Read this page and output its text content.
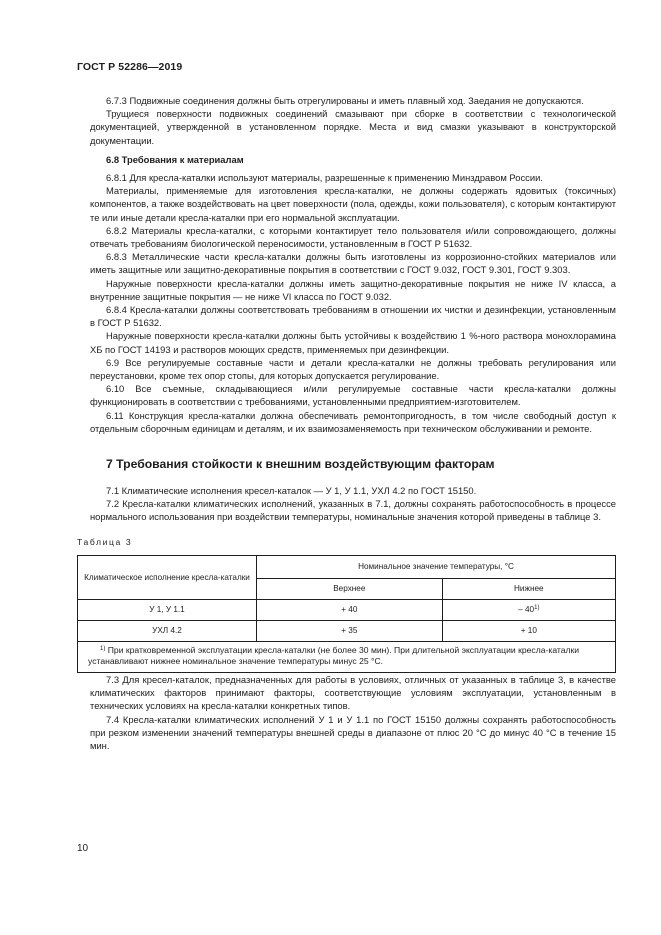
ГОСТ Р 52286—2019

6.7.3 Подвижные соединения должны быть отрегулированы и иметь плавный ход. Заедания не допускаются.

Трущиеся поверхности подвижных соединений смазывают при сборке в соответствии с технологической документацией, утвержденной в установленном порядке. Места и вид смазки указывают в конструкторской документации.

6.8 Требования к материалам

6.8.1 Для кресла-каталки используют материалы, разрешенные к применению Минздравом России.

Материалы, применяемые для изготовления кресла-каталки, не должны содержать ядовитых (токсичных) компонентов, а также воздействовать на цвет поверхности (пола, одежды, кожи пользователя), с которым контактируют те или иные детали кресла-каталки при его нормальной эксплуатации.

6.8.2 Материалы кресла-каталки, с которыми контактирует тело пользователя и/или сопровождающего, должны отвечать требованиям биологической переносимости, установленным в ГОСТ Р 51632.

6.8.3 Металлические части кресла-каталки должны быть изготовлены из коррозионно-стойких материалов или иметь защитные или защитно-декоративные покрытия в соответствии с ГОСТ 9.032, ГОСТ 9.301, ГОСТ 9.303.

Наружные поверхности кресла-каталки должны иметь защитно-декоративные покрытия не ниже IV класса, а внутренние защитные покрытия — не ниже VI класса по ГОСТ 9.032.

6.8.4 Кресла-каталки должны соответствовать требованиям в отношении их чистки и дезинфекции, установленным в ГОСТ Р 51632.

Наружные поверхности кресла-каталки должны быть устойчивы к воздействию 1 %-ного раствора монохлорамина ХБ по ГОСТ 14193 и растворов моющих средств, применяемых при дезинфекции.

6.9 Все регулируемые составные части и детали кресла-каталки не должны требовать регулирования или переустановки, кроме тех опор стопы, для которых допускается регулирование.

6.10 Все съемные, складывающиеся и/или регулируемые составные части кресла-каталки должны функционировать в соответствии с требованиями, установленными предприятием-изготовителем.

6.11 Конструкция кресла-каталки должна обеспечивать ремонтопригодность, в том числе свободный доступ к отдельным сборочным единицам и деталям, и их взаимозаменяемость при техническом обслуживании и ремонте.

7 Требования стойкости к внешним воздействующим факторам

7.1 Климатические исполнения кресел-каталок — У 1, У 1.1, УХЛ 4.2 по ГОСТ 15150.

7.2 Кресла-каталки климатических исполнений, указанных в 7.1, должны сохранять работоспособность в процессе нормального использования при воздействии температуры, номинальные значения которой приведены в таблице 3.

Таблица 3
Климатическое исполнение кресла-каталки	Номинальное значение температуры, °С	
	Верхнее	Нижнее
У 1, У 1.1	+ 40	– 40$^{1)}$
УХЛ 4.2	+ 35	+ 10
$^{1)}$ При кратковременной эксплуатации кресла-каталки (не более 30 мин). При длительной эксплуатации кресла-каталки устанавливают нижнее номинальное значение температуры минус 25 °С.		

7.3 Для кресел-каталок, предназначенных для работы в условиях, отличных от указанных в таблице 3, в качестве климатических факторов принимают факторы, соответствующие условиям эксплуатации, установленным в технических условиях на кресла-каталки конкретных типов.

7.4 Кресла-каталки климатических исполнений У 1 и У 1.1 по ГОСТ 15150 должны сохранять работоспособность при резком изменении значений температуры внешней среды в диапазоне от плюс 20 °С до минус 40 °С в течение 15 мин.

10
